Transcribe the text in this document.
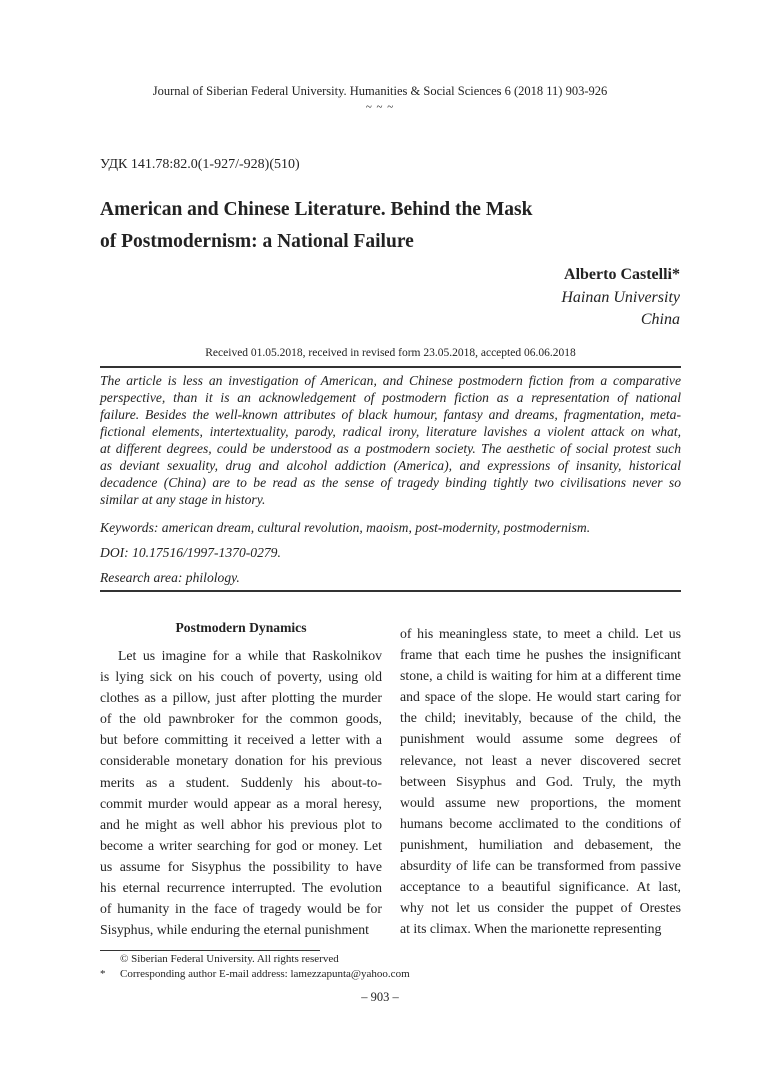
Journal of Siberian Federal University. Humanities & Social Sciences 6 (2018 11) 903-926
~ ~ ~
УДК 141.78:82.0(1-927/-928)(510)
American and Chinese Literature. Behind the Mask
of Postmodernism: a National Failure
Alberto Castelli*
Hainan University
China
Received 01.05.2018, received in revised form 23.05.2018, accepted 06.06.2018
The article is less an investigation of American, and Chinese postmodern fiction from a comparative
perspective, than it is an acknowledgement of postmodern fiction as a representation of national
failure. Besides the well-known attributes of black humour, fantasy and dreams, fragmentation, meta-
fictional elements, intertextuality, parody, radical irony, literature lavishes a violent attack on what,
at different degrees, could be understood as a postmodern society. The aesthetic of social protest such
as deviant sexuality, drug and alcohol addiction (America), and expressions of insanity, historical
decadence (China) are to be read as the sense of tragedy binding tightly two civilisations never so
similar at any stage in history.
Keywords: american dream, cultural revolution, maoism, post-modernity, postmodernism.
DOI: 10.17516/1997-1370-0279.
Research area: philology.
Postmodern Dynamics
Let us imagine for a while that Raskolnikov
is lying sick on his couch of poverty, using old
clothes as a pillow, just after plotting the murder
of the old pawnbroker for the common goods,
but before committing it received a letter with a
considerable monetary donation for his previous
merits as a student. Suddenly his about-to-
commit murder would appear as a moral heresy,
and he might as well abhor his previous plot to
become a writer searching for god or money. Let
us assume for Sisyphus the possibility to have
his eternal recurrence interrupted. The evolution
of humanity in the face of tragedy would be for
Sisyphus, while enduring the eternal punishment
of his meaningless state, to meet a child. Let us
frame that each time he pushes the insignificant
stone, a child is waiting for him at a different time
and space of the slope. He would start caring for
the child; inevitably, because of the child, the
punishment would assume some degrees of
relevance, not least a never discovered secret
between Sisyphus and God. Truly, the myth
would assume new proportions, the moment
humans become acclimated to the conditions of
punishment, humiliation and debasement, the
absurdity of life can be transformed from passive
acceptance to a beautiful significance. At last,
why not let us consider the puppet of Orestes
at its climax. When the marionette representing
© Siberian Federal University. All rights reserved
* Corresponding author E-mail address: lamezzapunta@yahoo.com
– 903 –
